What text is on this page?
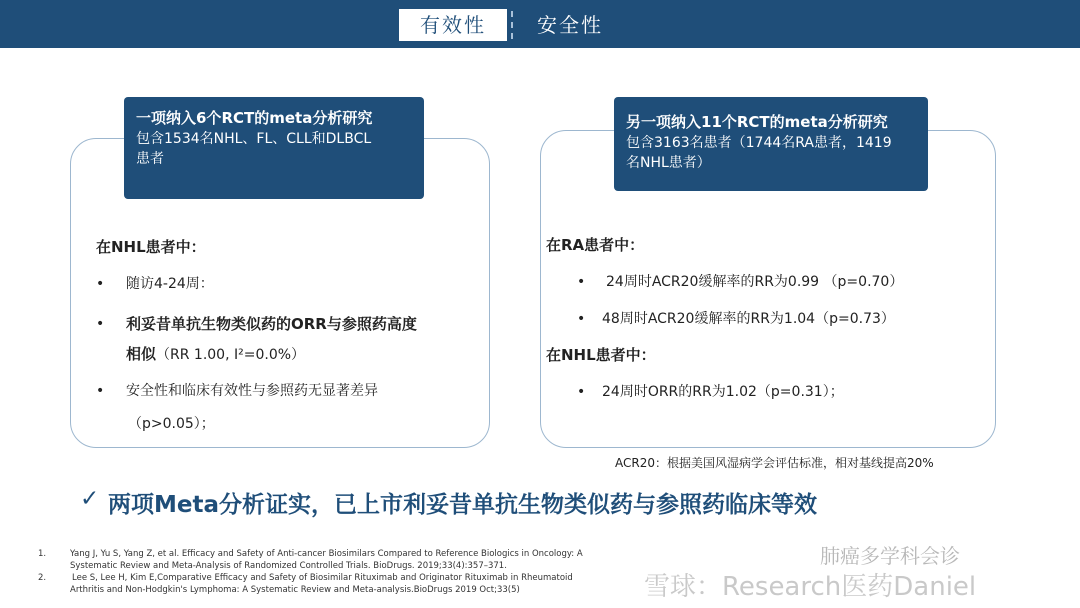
有效性	安全性
一项纳入6个RCT的meta分析研究
包含1534名NHL、FL、CLL和DLBCL
患者
在NHL患者中：
• 随访4-24周：
• 利妥昔单抗生物类似药的ORR与参照药高度
相似（RR 1.00, I²=0.0%）
• 安全性和临床有效性与参照药无显著差异
（p>0.05）；
另一项纳入11个RCT的meta分析研究
包含3163名患者（1744名RA患者，1419
名NHL患者）
在RA患者中：
• 24周时ACR20缓解率的RR为0.99 （p=0.70）
• 48周时ACR20缓解率的RR为1.04（p=0.73）
在NHL患者中：
• 24周时ORR的RR为1.02（p=0.31）；
ACR20：根据美国风湿病学会评估标准，相对基线提高20%
✓ 两项Meta分析证实，已上市利妥昔单抗生物类似药与参照药临床等效
1.	Yang J, Yu S, Yang Z, et al. Efficacy and Safety of Anti-cancer Biosimilars Compared to Reference Biologics in Oncology: A
Systematic Review and Meta-Analysis of Randomized Controlled Trials. BioDrugs. 2019;33(4):357–371.
2.	Lee S, Lee H, Kim E,Comparative Efficacy and Safety of Biosimilar Rituximab and Originator Rituximab in Rheumatoid
Arthritis and Non-Hodgkin's Lymphoma: A Systematic Review and Meta-analysis.BioDrugs 2019 Oct;33(5)
肺癌多学科会诊
雪球：Research医药Daniel
